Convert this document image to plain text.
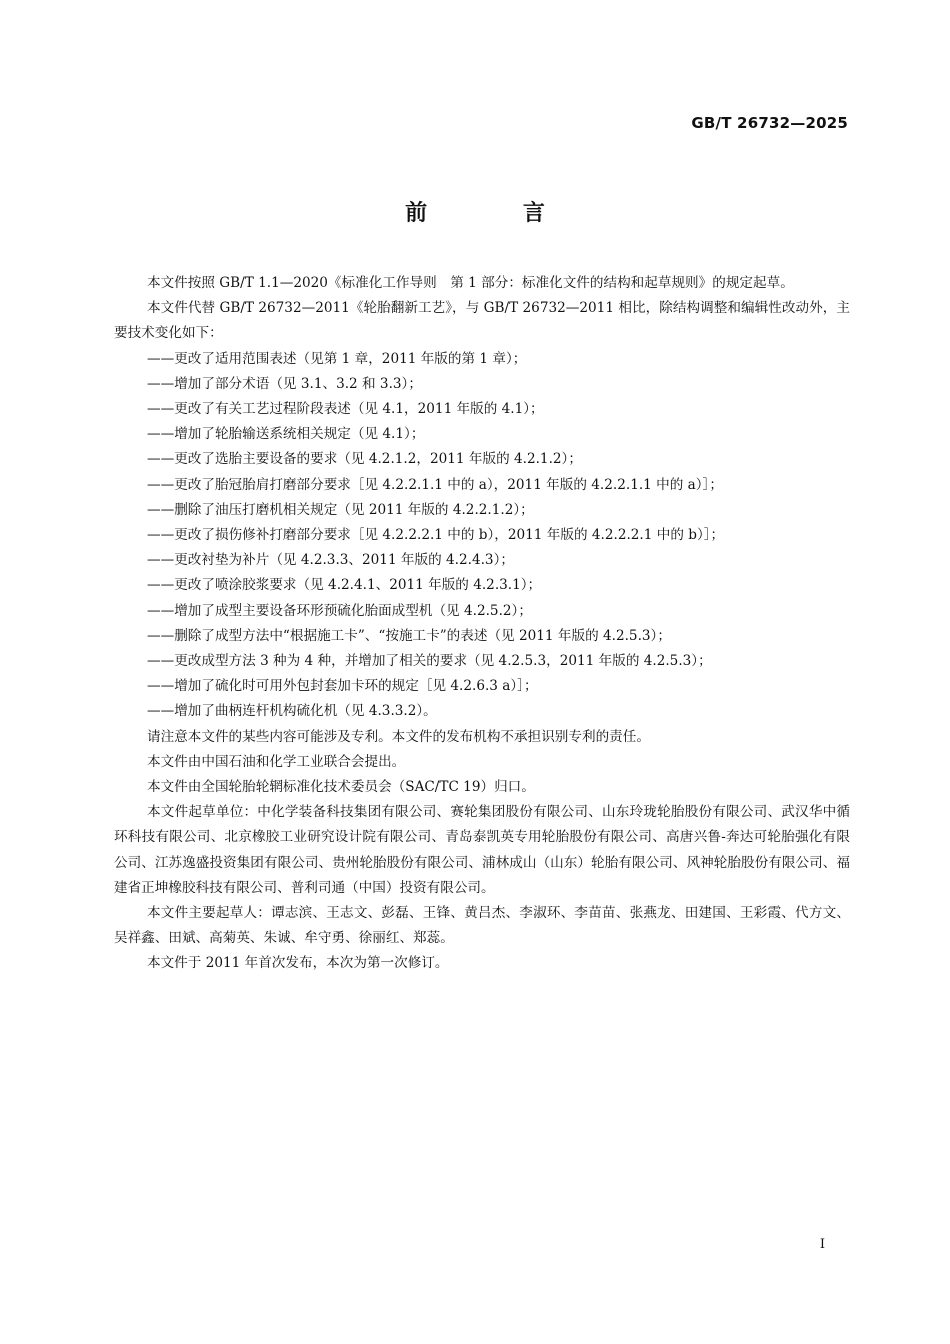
GB/T 26732—2025
前 言

本文件按照 GB/T 1.1—2020《标准化工作导则　第 1 部分：标准化文件的结构和起草规则》的规定起草。

本文件代替 GB/T 26732—2011《轮胎翻新工艺》，与 GB/T 26732—2011 相比，除结构调整和编辑性改动外，主要技术变化如下：

——更改了适用范围表述（见第 1 章，2011 年版的第 1 章）；

——增加了部分术语（见 3.1、3.2 和 3.3）；

——更改了有关工艺过程阶段表述（见 4.1，2011 年版的 4.1）；

——增加了轮胎输送系统相关规定（见 4.1）；

——更改了选胎主要设备的要求（见 4.2.1.2，2011 年版的 4.2.1.2）；

——更改了胎冠胎肩打磨部分要求［见 4.2.2.1.1 中的 a），2011 年版的 4.2.2.1.1 中的 a）］；

——删除了油压打磨机相关规定（见 2011 年版的 4.2.2.1.2）；

——更改了损伤修补打磨部分要求［见 4.2.2.2.1 中的 b），2011 年版的 4.2.2.2.1 中的 b）］；

——更改衬垫为补片（见 4.2.3.3、2011 年版的 4.2.4.3）；

——更改了喷涂胶浆要求（见 4.2.4.1、2011 年版的 4.2.3.1）；

——增加了成型主要设备环形预硫化胎面成型机（见 4.2.5.2）；

——删除了成型方法中“根据施工卡”、“按施工卡”的表述（见 2011 年版的 4.2.5.3）；

——更改成型方法 3 种为 4 种，并增加了相关的要求（见 4.2.5.3，2011 年版的 4.2.5.3）；

——增加了硫化时可用外包封套加卡环的规定［见 4.2.6.3 a）］；

——增加了曲柄连杆机构硫化机（见 4.3.3.2）。

请注意本文件的某些内容可能涉及专利。本文件的发布机构不承担识别专利的责任。

本文件由中国石油和化学工业联合会提出。

本文件由全国轮胎轮辋标准化技术委员会（SAC/TC 19）归口。

本文件起草单位：中化学装备科技集团有限公司、赛轮集团股份有限公司、山东玲珑轮胎股份有限公司、武汉华中循环科技有限公司、北京橡胶工业研究设计院有限公司、青岛泰凯英专用轮胎股份有限公司、高唐兴鲁-奔达可轮胎强化有限公司、江苏逸盛投资集团有限公司、贵州轮胎股份有限公司、浦林成山（山东）轮胎有限公司、风神轮胎股份有限公司、福建省正坤橡胶科技有限公司、普利司通（中国）投资有限公司。

本文件主要起草人：谭志滨、王志文、彭磊、王锋、黄吕杰、李淑环、李苗苗、张燕龙、田建国、王彩霞、代方文、吴祥鑫、田斌、高菊英、朱诚、牟守勇、徐丽红、郑蕊。

本文件于 2011 年首次发布，本次为第一次修订。

I
